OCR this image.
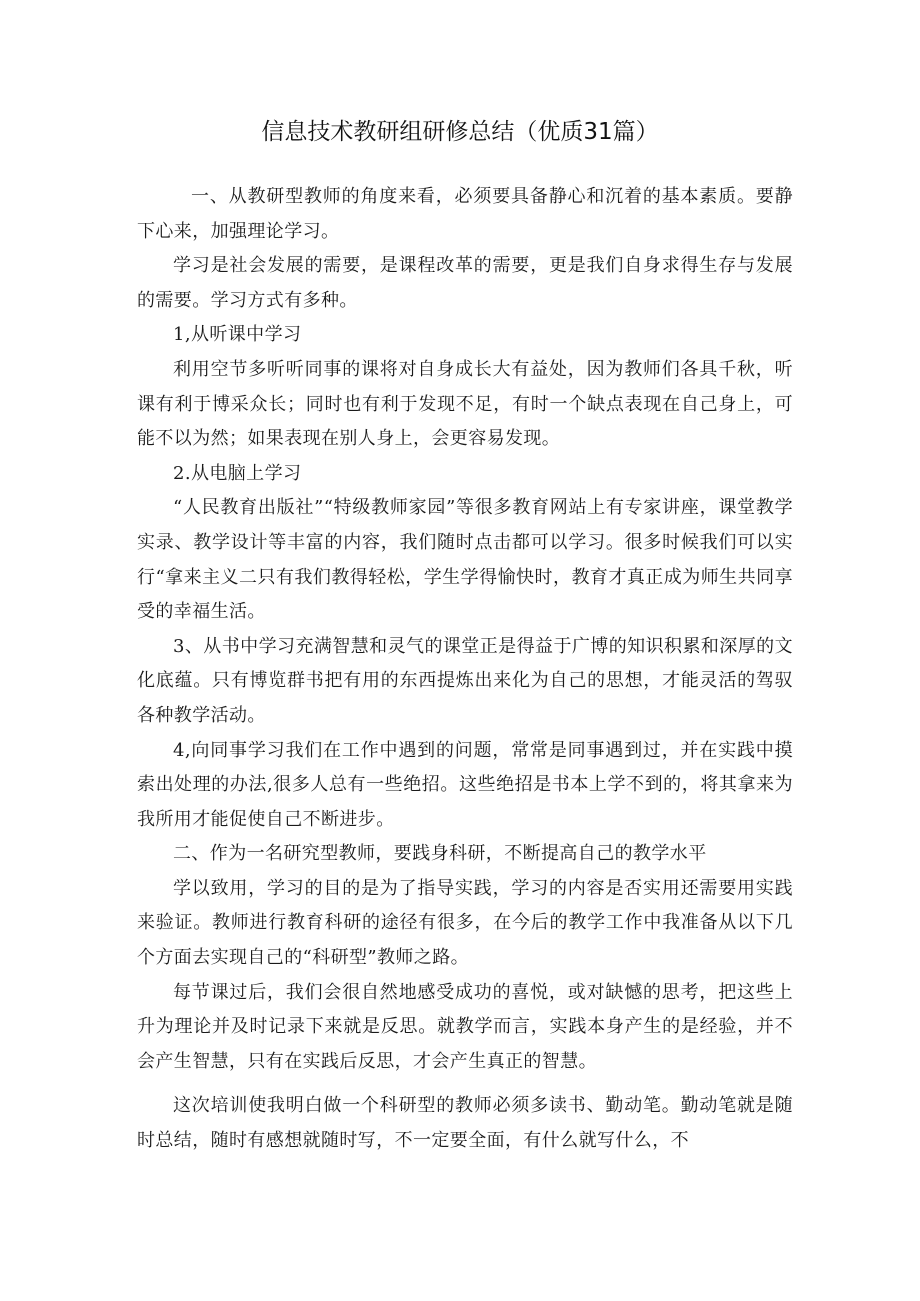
信息技术教研组研修总结（优质31篇）

一、从教研型教师的角度来看，必须要具备静心和沉着的基本素质。要静下心来，加强理论学习。

学习是社会发展的需要，是课程改革的需要，更是我们自身求得生存与发展的需要。学习方式有多种。

1,从听课中学习

利用空节多听听同事的课将对自身成长大有益处，因为教师们各具千秋，听课有利于博采众长；同时也有利于发现不足，有时一个缺点表现在自己身上，可能不以为然；如果表现在别人身上，会更容易发现。

2.从电脑上学习

“人民教育出版社”“特级教师家园”等很多教育网站上有专家讲座，课堂教学实录、教学设计等丰富的内容，我们随时点击都可以学习。很多时候我们可以实行“拿来主义二只有我们教得轻松，学生学得愉快时，教育才真正成为师生共同享受的幸福生活。

3、从书中学习充满智慧和灵气的课堂正是得益于广博的知识积累和深厚的文化底蕴。只有博览群书把有用的东西提炼出来化为自己的思想，才能灵活的驾驭各种教学活动。

4,向同事学习我们在工作中遇到的问题，常常是同事遇到过，并在实践中摸索出处理的办法,很多人总有一些绝招。这些绝招是书本上学不到的，将其拿来为我所用才能促使自己不断进步。

二、作为一名研究型教师，要践身科研，不断提高自己的教学水平

学以致用，学习的目的是为了指导实践，学习的内容是否实用还需要用实践来验证。教师进行教育科研的途径有很多，在今后的教学工作中我准备从以下几个方面去实现自己的“科研型”教师之路。

每节课过后，我们会很自然地感受成功的喜悦，或对缺憾的思考，把这些上升为理论并及时记录下来就是反思。就教学而言，实践本身产生的是经验，并不会产生智慧，只有在实践后反思，才会产生真正的智慧。

这次培训使我明白做一个科研型的教师必须多读书、勤动笔。勤动笔就是随时总结，随时有感想就随时写，不一定要全面，有什么就写什么，不
